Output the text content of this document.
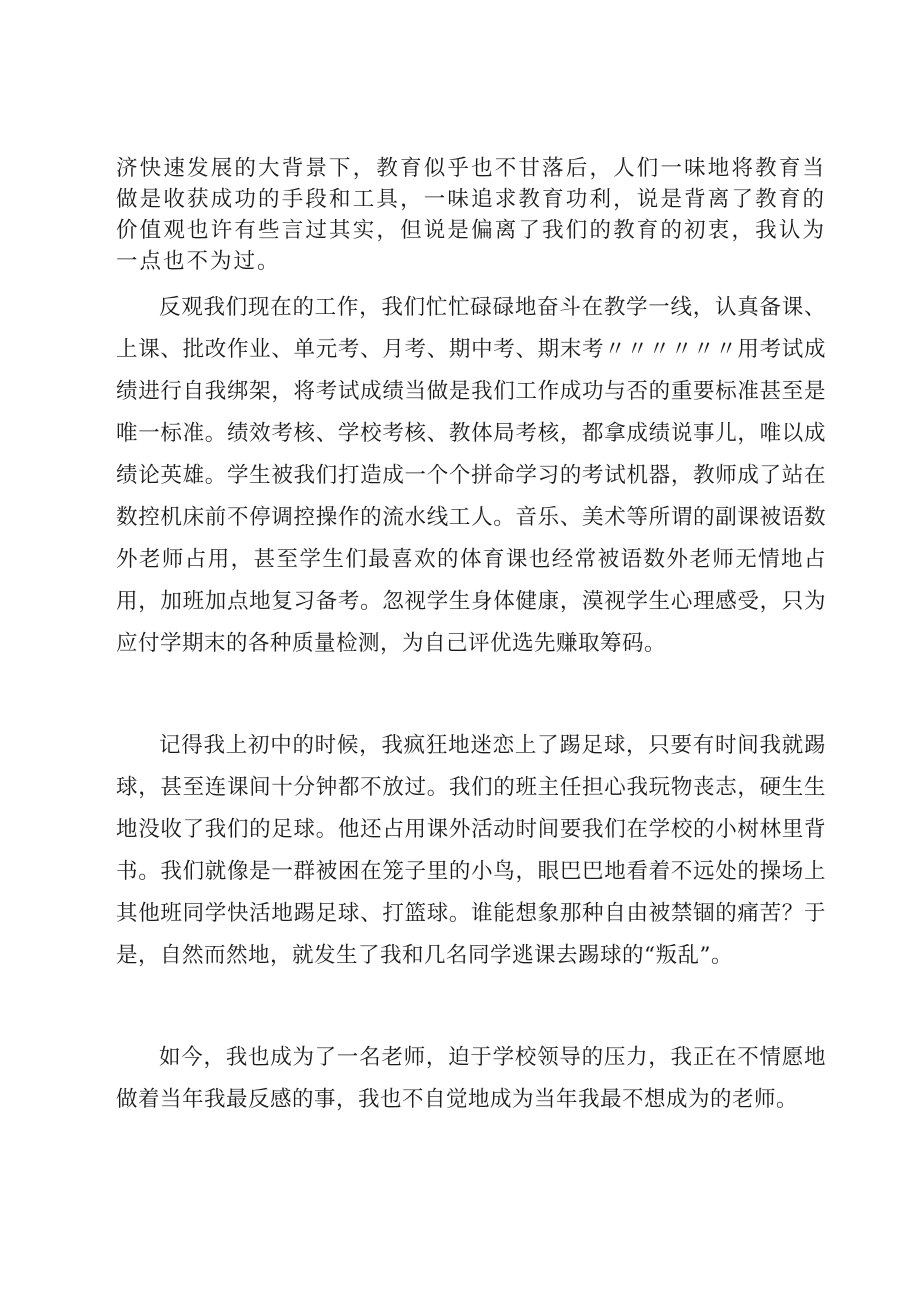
济快速发展的大背景下，教育似乎也不甘落后，人们一味地将教育当做是收获成功的手段和工具，一味追求教育功利，说是背离了教育的价值观也许有些言过其实，但说是偏离了我们的教育的初衷，我认为一点也不为过。

反观我们现在的工作，我们忙忙碌碌地奋斗在教学一线，认真备课、上课、批改作业、单元考、月考、期中考、期末考〃〃〃〃〃〃用考试成绩进行自我绑架，将考试成绩当做是我们工作成功与否的重要标准甚至是唯一标准。绩效考核、学校考核、教体局考核，都拿成绩说事儿，唯以成绩论英雄。学生被我们打造成一个个拼命学习的考试机器，教师成了站在数控机床前不停调控操作的流水线工人。音乐、美术等所谓的副课被语数外老师占用，甚至学生们最喜欢的体育课也经常被语数外老师无情地占用，加班加点地复习备考。忽视学生身体健康，漠视学生心理感受，只为应付学期末的各种质量检测，为自己评优选先赚取筹码。

记得我上初中的时候，我疯狂地迷恋上了踢足球，只要有时间我就踢球，甚至连课间十分钟都不放过。我们的班主任担心我玩物丧志，硬生生地没收了我们的足球。他还占用课外活动时间要我们在学校的小树林里背书。我们就像是一群被困在笼子里的小鸟，眼巴巴地看着不远处的操场上其他班同学快活地踢足球、打篮球。谁能想象那种自由被禁锢的痛苦？于是，自然而然地，就发生了我和几名同学逃课去踢球的“叛乱”。

如今，我也成为了一名老师，迫于学校领导的压力，我正在不情愿地做着当年我最反感的事，我也不自觉地成为当年我最不想成为的老师。
